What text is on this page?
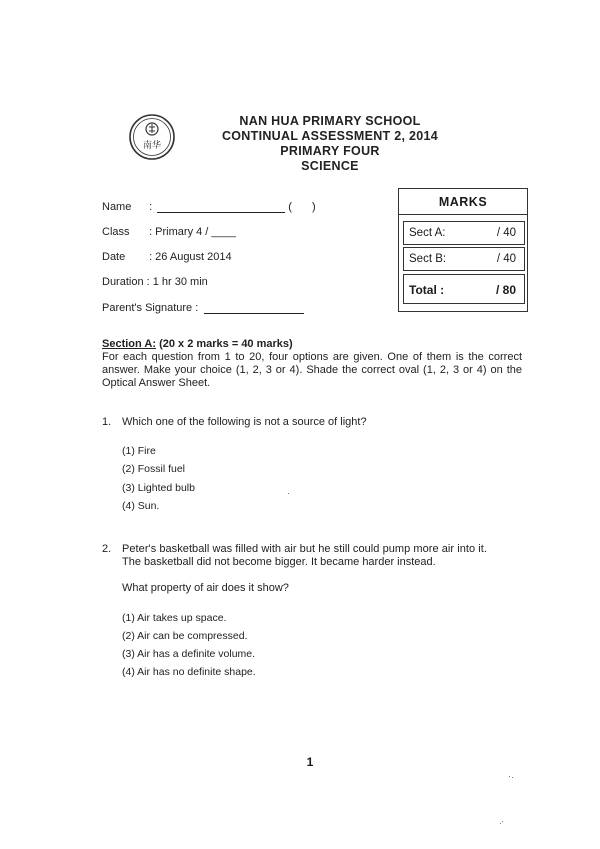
南华
NAN HUA PRIMARY SCHOOL
CONTINUAL ASSESSMENT 2, 2014
PRIMARY FOUR
SCIENCE
Name :	( )
Class : Primary 4 / ____
Date : 26 August 2014
Duration : 1 hr 30 min
Parent's Signature :
MARKS
Sect A:	/ 40
Sect B:	/ 40
Total :	/ 80
Section A: (20 x 2 marks = 40 marks)
For each question from 1 to 20, four options are given. One of them is the correct answer. Make your choice (1, 2, 3 or 4). Shade the correct oval (1, 2, 3 or 4) on the Optical Answer Sheet.
1. Which one of the following is not a source of light?
(1) Fire
(2) Fossil fuel
(3) Lighted bulb
(4) Sun.
2. Peter's basketball was filled with air but he still could pump more air into it.
The basketball did not become bigger. It became harder instead.
What property of air does it show?
(1) Air takes up space.
(2) Air can be compressed.
(3) Air has a definite volume.
(4) Air has no definite shape.
1
